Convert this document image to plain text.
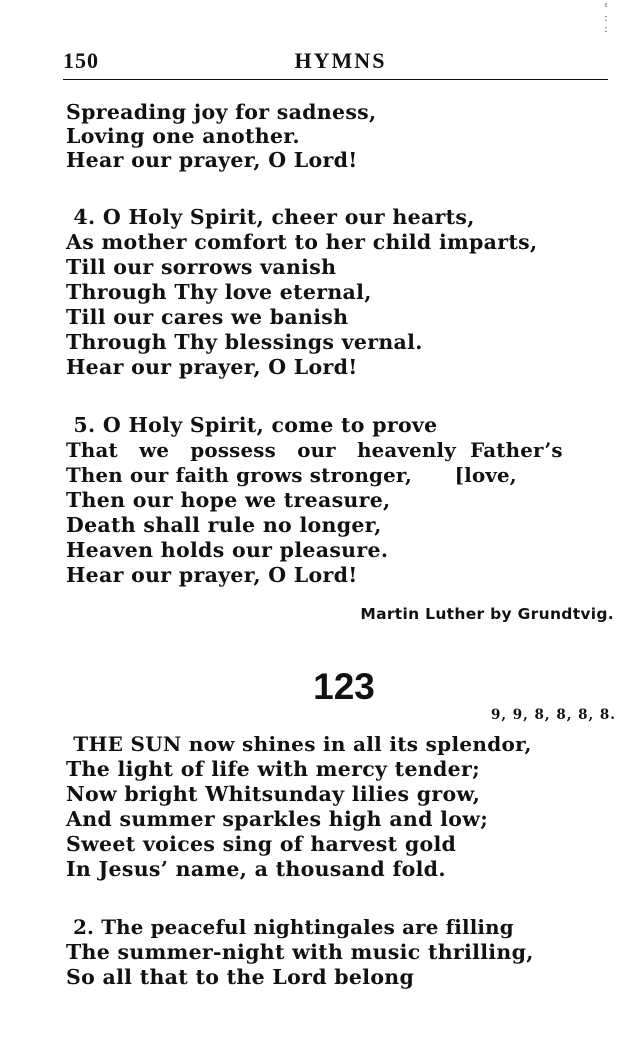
ᵋ
:
:
150	HYMNS
Spreading joy for sadness,
Loving one another.
Hear our prayer, O Lord!
4. O Holy Spirit, cheer our hearts,
As mother comfort to her child imparts,
Till our sorrows vanish
Through Thy love eternal,
Till our cares we banish
Through Thy blessings vernal.
Hear our prayer, O Lord!
5. O Holy Spirit, come to prove
That   we   possess   our   heavenly  Father’s
Then our faith grows stronger,      [love,
Then our hope we treasure,
Death shall rule no longer,
Heaven holds our pleasure.
Hear our prayer, O Lord!
Martin Luther by Grundtvig.
123
9, 9, 8, 8, 8, 8.
THE SUN now shines in all its splendor,
The light of life with mercy tender;
Now bright Whitsunday lilies grow,
And summer sparkles high and low;
Sweet voices sing of harvest gold
In Jesus’ name, a thousand fold.
2. The peaceful nightingales are filling
The summer-night with music thrilling,
So all that to the Lord belong
